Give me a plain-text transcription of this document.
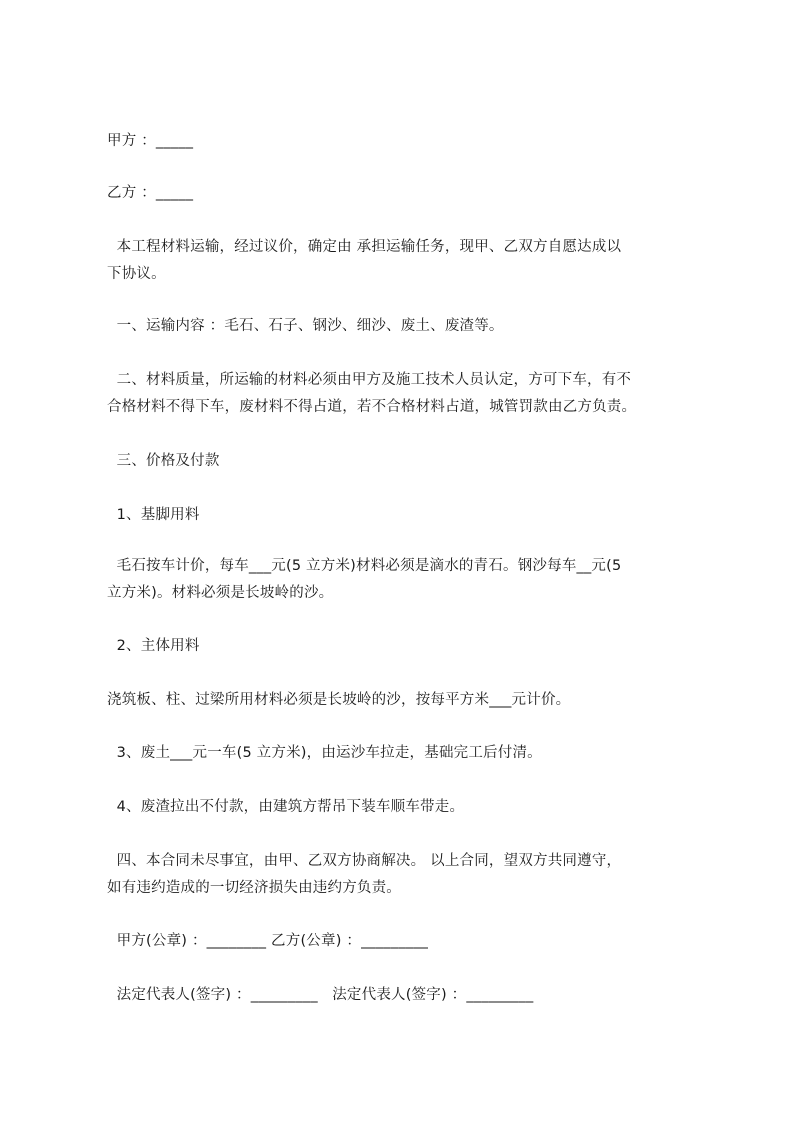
甲方 ：_____
乙方 ：_____
本工程材料运输，经过议价，确定由 承担运输任务，现甲、乙双方自愿达成以
下协议。
一、运输内容 ：毛石、石子、钢沙、细沙、废土、废渣等。
二、材料质量，所运输的材料必须由甲方及施工技术人员认定，方可下车，有不
合格材料不得下车，废材料不得占道，若不合格材料占道，城管罚款由乙方负责。
三、价格及付款
1、基脚用料
毛石按车计价，每车___元(5 立方米)材料必须是滴水的青石。钢沙每车__元(5
立方米)。材料必须是长坡岭的沙。
2、主体用料
浇筑板、柱、过梁所用材料必须是长坡岭的沙，按每平方米___元计价。
3、废土___元一车(5 立方米)，由运沙车拉走，基础完工后付清。
4、废渣拉出不付款，由建筑方帮吊下装车顺车带走。
四、本合同未尽事宜，由甲、乙双方协商解决。 以上合同，望双方共同遵守，
如有违约造成的一切经济损失由违约方负责。
甲方(公章) ：________ 乙方(公章) ：_________
法定代表人(签字) ：_________   法定代表人(签字) ：_________
